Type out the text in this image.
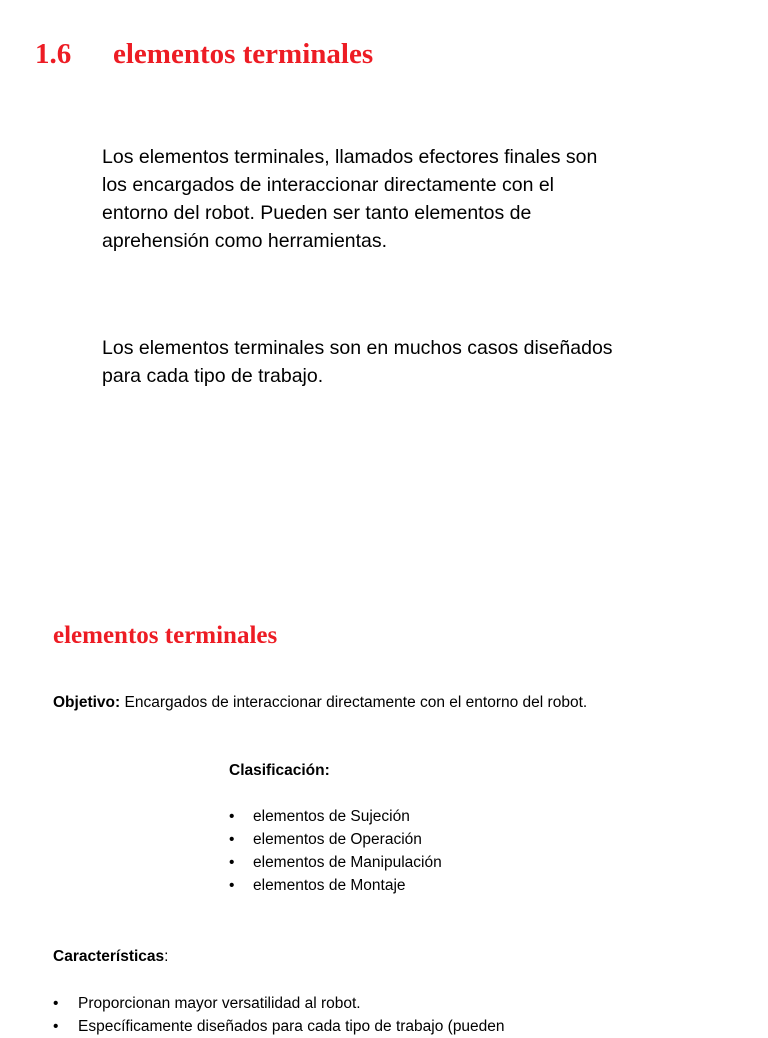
1.6 elementos terminales

Los elementos terminales, llamados efectores finales son
los encargados de interaccionar directamente con el
entorno del robot. Pueden ser tanto elementos de
aprehensión como herramientas.

Los elementos terminales son en muchos casos diseñados
para cada tipo de trabajo.

elementos terminales

Objetivo: Encargados de interaccionar directamente con el entorno del robot.

Clasificación:

• elementos de Sujeción
• elementos de Operación
• elementos de Manipulación
• elementos de Montaje

Características:

• Proporcionan mayor versatilidad al robot.
• Específicamente diseñados para cada tipo de trabajo (pueden
